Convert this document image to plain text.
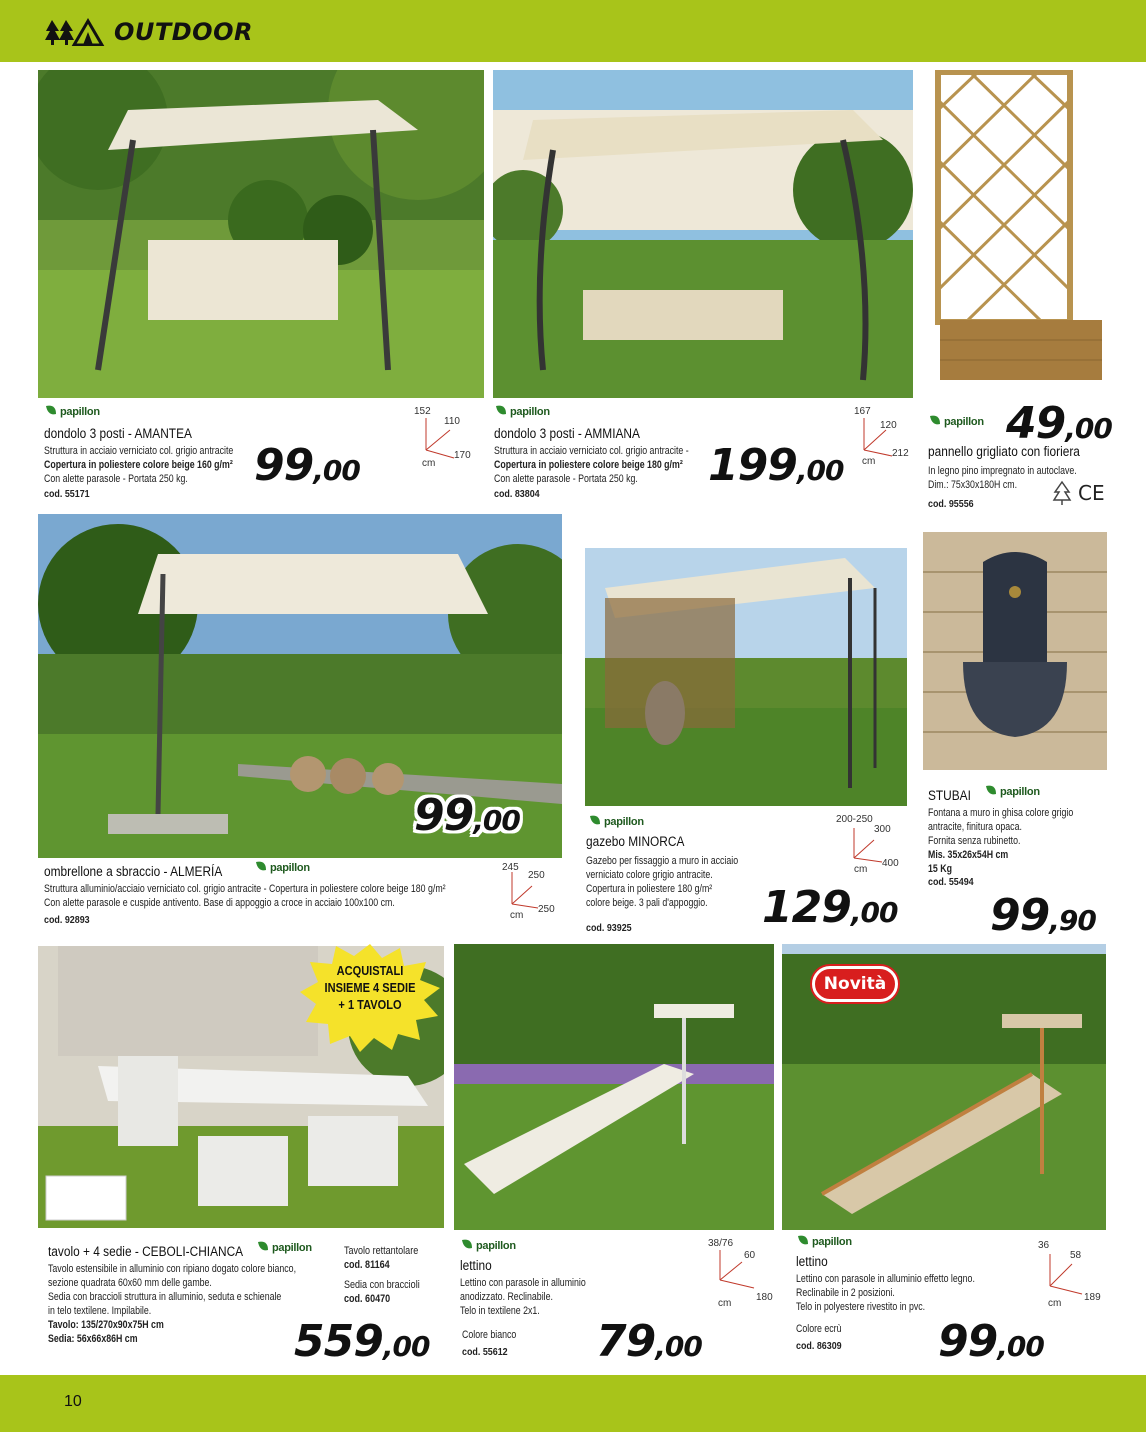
OUTDOOR
papillon
dondolo 3 posti - AMANTEA
Struttura in acciaio verniciato col. grigio antracite
Copertura in poliestere colore beige 160 g/m²
Con alette parasole - Portata 250 kg.
cod. 55171
99,00
152
110
170
cm
papillon
dondolo 3 posti - AMMIANA
Struttura in acciaio verniciato col. grigio antracite -
Copertura in poliestere colore beige 180 g/m²
Con alette parasole - Portata 250 kg.
cod. 83804
199,00
167
120
212
cm
papillon 49,00
pannello grigliato con fioriera
In legno pino impregnato in autoclave.
Dim.: 75x30x180H cm.
cod. 95556	CE
99,00
ombrellone a sbraccio - ALMERÍA	papillon
Struttura alluminio/acciaio verniciato col. grigio antracite - Copertura in poliestere colore beige 180 g/m²
Con alette parasole e cuspide antivento. Base di appoggio a croce in acciaio 100x100 cm.
cod. 92893
245
250
250
cm
papillon
gazebo MINORCA
Gazebo per fissaggio a muro in acciaio
verniciato colore grigio antracite.
Copertura in poliestere 180 g/m²
colore beige. 3 pali d'appoggio.
cod. 93925	129,00
200-250
300
400
cm
STUBAI	papillon
Fontana a muro in ghisa colore grigio
antracite, finitura opaca.
Fornita senza rubinetto.
Mis. 35x26x54H cm
15 Kg
cod. 55494
99,90
ACQUISTALI
INSIEME 4 SEDIE
+ 1 TAVOLO
Novità
tavolo + 4 sedie - CEBOLI-CHIANCA	papillon
Tavolo estensibile in alluminio con ripiano dogato colore bianco,
sezione quadrata 60x60 mm delle gambe.
Sedia con braccioli struttura in alluminio, seduta e schienale
in telo textilene. Impilabile.
Tavolo: 135/270x90x75H cm
Sedia: 56x66x86H cm
Tavolo rettantolare
cod. 81164
Sedia con braccioli
cod. 60470
559,00
papillon
lettino
Lettino con parasole in alluminio
anodizzato. Reclinabile.
Telo in textilene 2x1.
Colore bianco
cod. 55612 79,00
38/76
60
180
cm
papillon
lettino
Lettino con parasole in alluminio effetto legno.
Reclinabile in 2 posizioni.
Telo in polyestere rivestito in pvc.
Colore ecrù
cod. 86309 99,00
36
58
189
cm
10
